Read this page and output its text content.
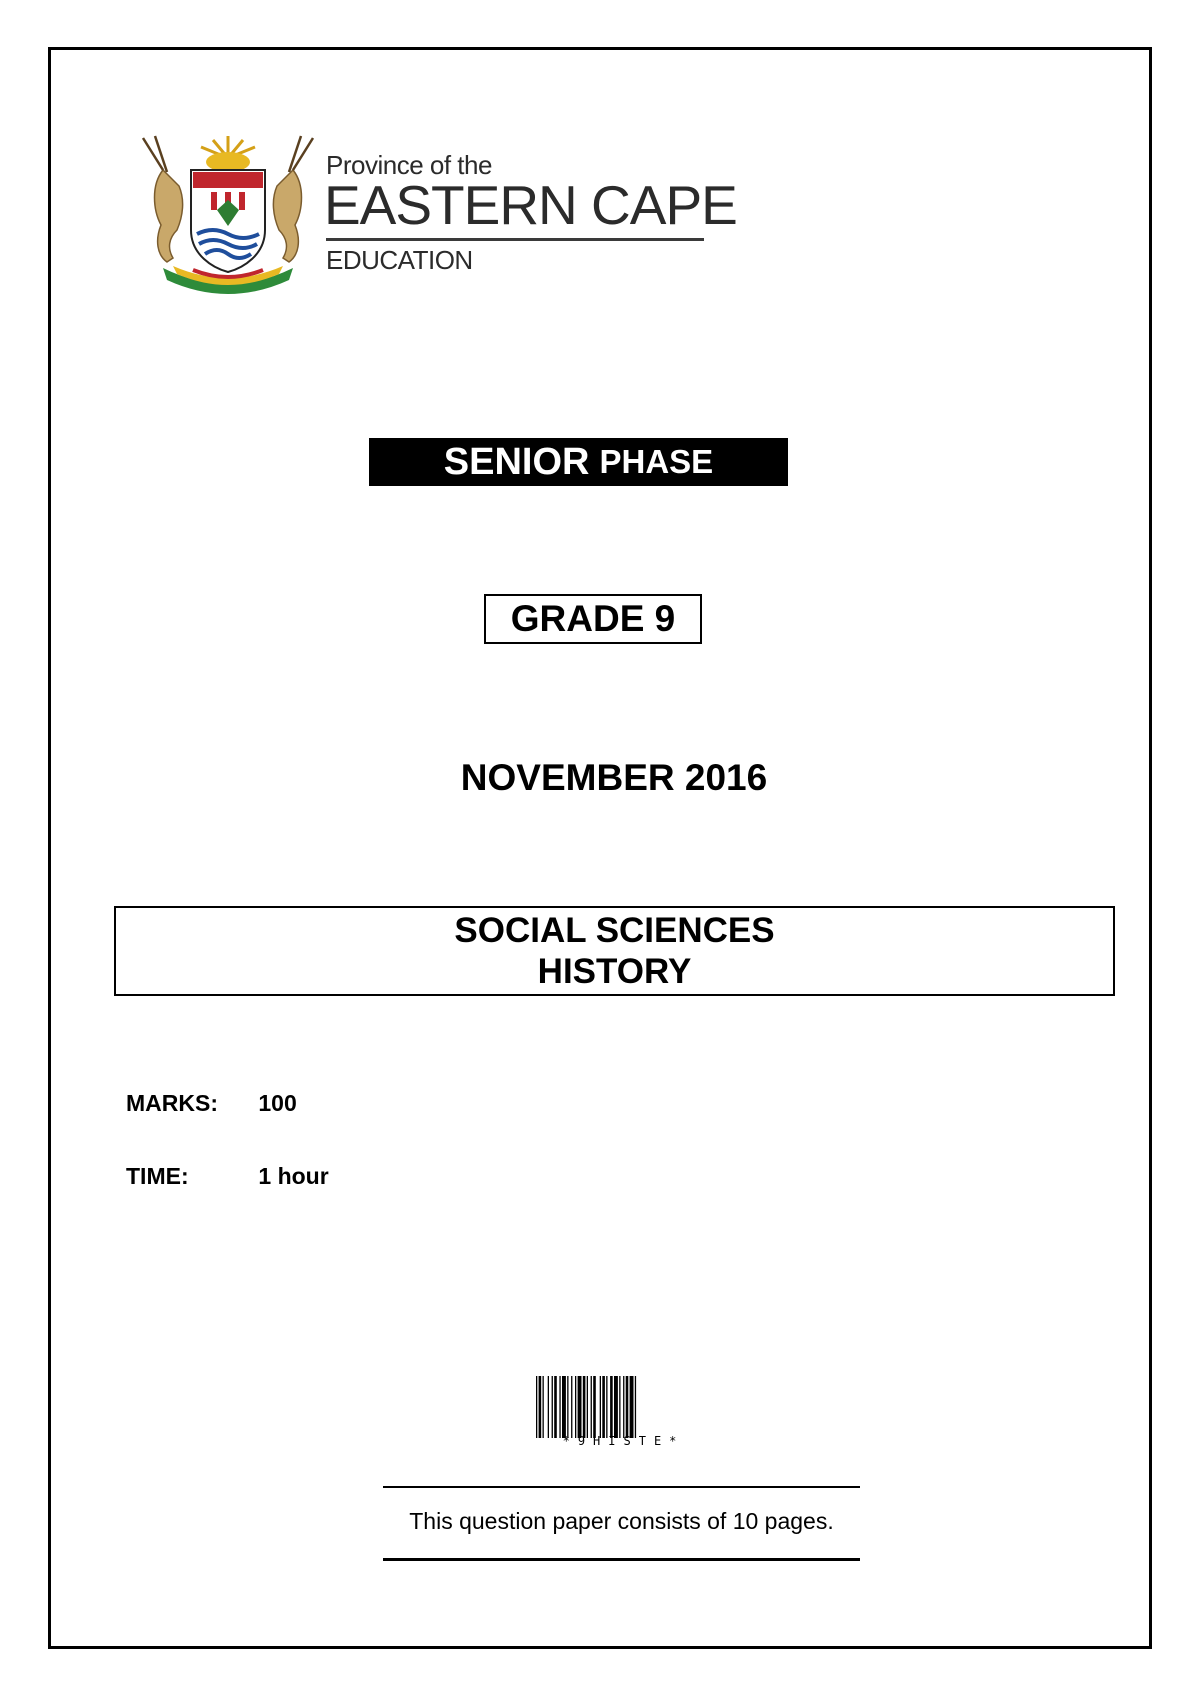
Province of the
EASTERN CAPE
EDUCATION
SENIOR PHASE
GRADE 9
NOVEMBER 2016
SOCIAL SCIENCES
HISTORY
MARKS: 100
TIME:	1 hour
*9HISTE*
This question paper consists of 10 pages.
